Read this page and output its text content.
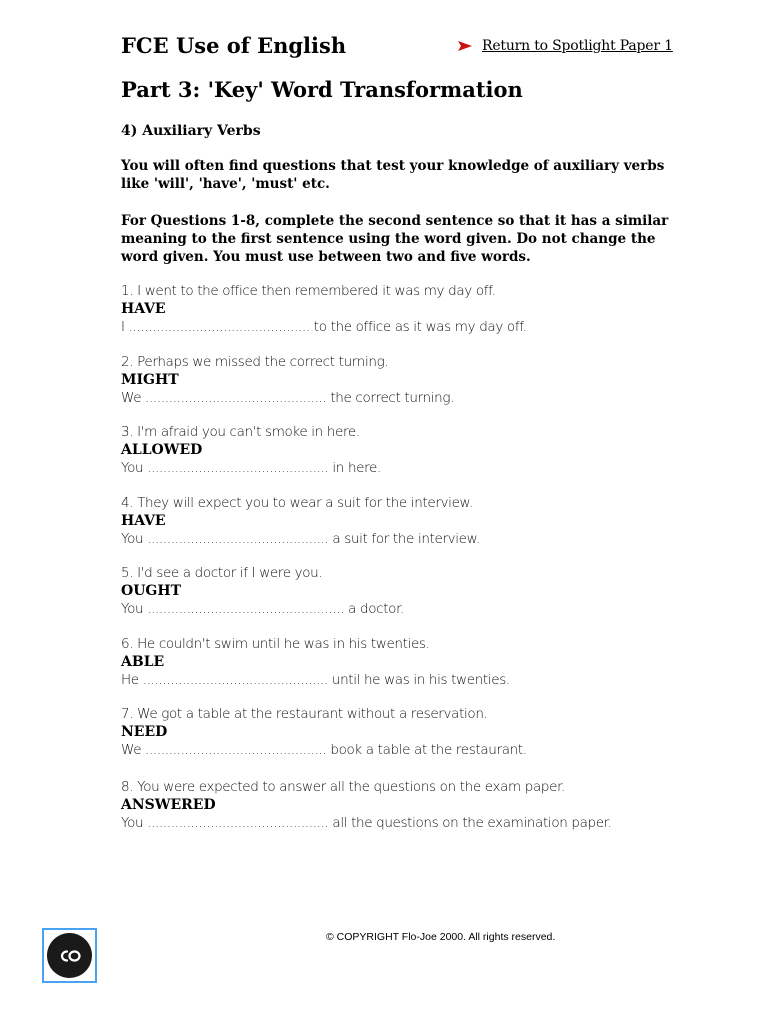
FCE Use of English	Return to Spotlight Paper 1
Part 3: 'Key' Word Transformation
4) Auxiliary Verbs

You will often find questions that test your knowledge of auxiliary verbs like 'will', 'have', 'must' etc.

For Questions 1-8, complete the second sentence so that it has a similar meaning to the first sentence using the word given. Do not change the word given. You must use between two and five words.

1. I went to the office then remembered it was my day off.
HAVE
I .............................................. to the office as it was my day off.
2. Perhaps we missed the correct turning.
MIGHT
We .............................................. the correct turning.
3. I'm afraid you can't smoke in here.
ALLOWED
You .............................................. in here.
4. They will expect you to wear a suit for the interview.
HAVE
You .............................................. a suit for the interview.
5. I'd see a doctor if I were you.
OUGHT
You .................................................. a doctor.
6. He couldn't swim until he was in his twenties.
ABLE
He ............................................... until he was in his twenties.
7. We got a table at the restaurant without a reservation.
NEED
We .............................................. book a table at the restaurant.
8. You were expected to answer all the questions on the exam paper.
ANSWERED
You .............................................. all the questions on the examination paper.
© COPYRIGHT Flo-Joe 2000. All rights reserved.
